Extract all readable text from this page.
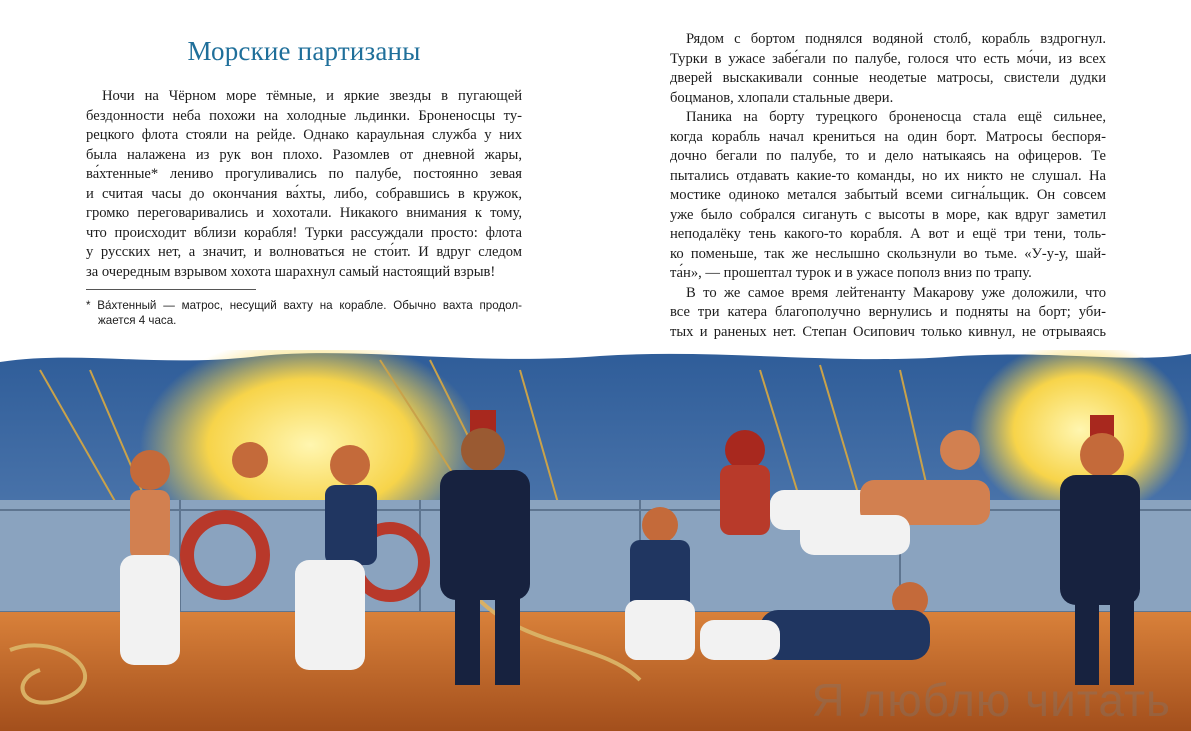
Морские партизаны
Ночи на Чёрном море тёмные, и яркие звезды в пугающей
бездонности неба похожи на холодные льдинки. Броненосцы ту-
рецкого флота стояли на рейде. Однако караульная служба у них
была налажена из рук вон плохо. Разомлев от дневной жары,
ва́хтенные* лениво прогуливались по палубе, постоянно зевая
и считая часы до окончания ва́хты, либо, собравшись в кружок,
громко переговаривались и хохотали. Никакого внимания к тому,
что происходит вблизи корабля! Турки рассуждали просто: флота
у русских нет, а значит, и волноваться не сто́ит. И вдруг следом
за очередным взрывом хохота шарахнул самый настоящий взрыв!
* Ва́хтенный — матрос, несущий вахту на корабле. Обычно вахта продол-
жается 4 часа.
Рядом с бортом поднялся водяной столб, корабль вздрогнул.
Турки в ужасе забе́гали по палубе, голося что есть мо́чи, из всех
дверей выскакивали сонные неодетые матросы, свистели дудки
боцманов, хлопали стальные двери.
Паника на борту турецкого броненосца стала ещё сильнее,
когда корабль начал крениться на один борт. Матросы беспоря-
дочно бегали по палубе, то и дело натыкаясь на офицеров. Те
пытались отдавать какие-то команды, но их никто не слушал. На
мостике одиноко метался забытый всеми сигна́льщик. Он совсем
уже было собрался сигануть с высоты в море, как вдруг заметил
неподалёку тень какого-то корабля. А вот и ещё три тени, толь-
ко поменьше, так же неслышно скользнули во тьме. «У-у-у, шай-
та́н», — прошептал турок и в ужасе пополз вниз по трапу.
В то же самое время лейтенанту Макарову уже доложили, что
все три катера благополучно вернулись и подняты на борт; уби-
тых и раненых нет. Степан Осипович только кивнул, не отрываясь
Я люблю читать
